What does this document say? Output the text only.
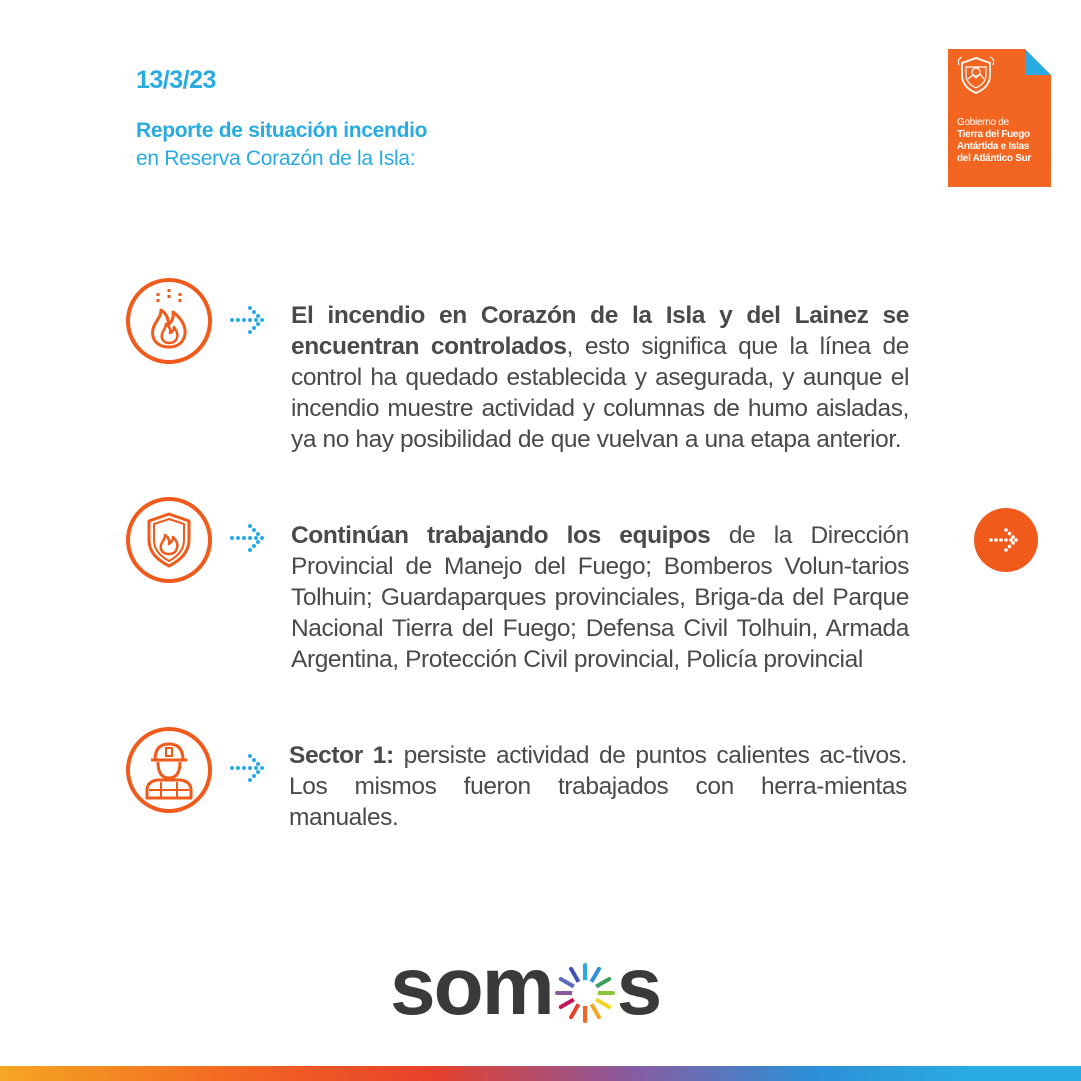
13/3/23
Reporte de situación incendio
en Reserva Corazón de la Isla:
Gobierno de
Tierra del Fuego
Antártida e Islas
del Atlántico Sur
El incendio en Corazón de la Isla y del Lainez se encuentran controlados, esto significa que la línea de control ha quedado establecida y asegurada, y aunque el incendio muestre actividad y columnas de humo aisladas, ya no hay posibilidad de que vuelvan a una etapa anterior.
Continúan trabajando los equipos de la Dirección Provincial de Manejo del Fuego; Bomberos Volun-tarios Tolhuin; Guardaparques provinciales, Briga-da del Parque Nacional Tierra del Fuego; Defensa Civil Tolhuin, Armada Argentina, Protección Civil provincial, Policía provincial
Sector 1: persiste actividad de puntos calientes ac-tivos. Los mismos fueron trabajados con herra-mientas manuales.
som s
